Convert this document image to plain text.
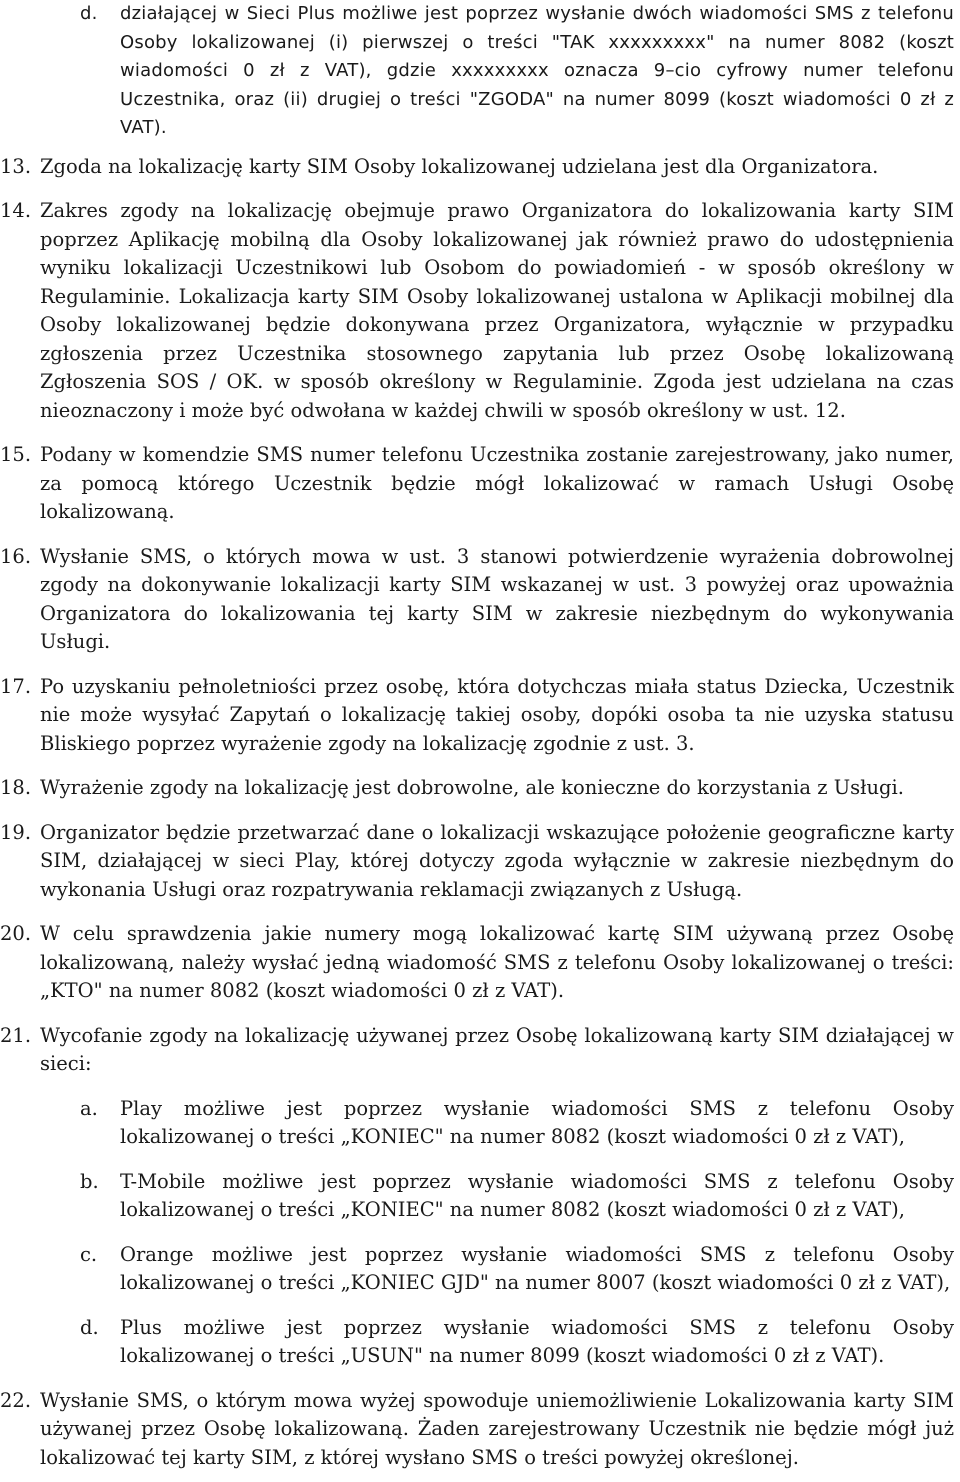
d.	działającej w Sieci Plus możliwe jest poprzez wysłanie dwóch wiadomości SMS z telefonu Osoby lokalizowanej (i) pierwszej o treści "TAK xxxxxxxxx" na numer 8082 (koszt wiadomości 0 zł z VAT), gdzie xxxxxxxxx oznacza 9–cio cyfrowy numer telefonu Uczestnika, oraz (ii) drugiej o treści "ZGODA" na numer 8099 (koszt wiadomości 0 zł z VAT).
13. Zgoda na lokalizację karty SIM Osoby lokalizowanej udzielana jest dla Organizatora.
14. Zakres zgody na lokalizację obejmuje prawo Organizatora do lokalizowania karty SIM poprzez Aplikację mobilną dla Osoby lokalizowanej jak również prawo do udostępnienia wyniku lokalizacji Uczestnikowi lub Osobom do powiadomień - w sposób określony w Regulaminie. Lokalizacja karty SIM Osoby lokalizowanej ustalona w Aplikacji mobilnej dla Osoby lokalizowanej będzie dokonywana przez Organizatora, wyłącznie w przypadku zgłoszenia przez Uczestnika stosownego zapytania lub przez Osobę lokalizowaną Zgłoszenia SOS / OK. w sposób określony w Regulaminie. Zgoda jest udzielana na czas nieoznaczony i może być odwołana w każdej chwili w sposób określony w ust. 12.
15. Podany w komendzie SMS numer telefonu Uczestnika zostanie zarejestrowany, jako numer, za pomocą którego Uczestnik będzie mógł lokalizować w ramach Usługi Osobę lokalizowaną.
16. Wysłanie SMS, o których mowa w ust. 3 stanowi potwierdzenie wyrażenia dobrowolnej zgody na dokonywanie lokalizacji karty SIM wskazanej w ust. 3 powyżej oraz upoważnia Organizatora do lokalizowania tej karty SIM w zakresie niezbędnym do wykonywania Usługi.
17. Po uzyskaniu pełnoletniości przez osobę, która dotychczas miała status Dziecka, Uczestnik nie może wysyłać Zapytań o lokalizację takiej osoby, dopóki osoba ta nie uzyska statusu Bliskiego poprzez wyrażenie zgody na lokalizację zgodnie z ust. 3.
18. Wyrażenie zgody na lokalizację jest dobrowolne, ale konieczne do korzystania z Usługi.
19. Organizator będzie przetwarzać dane o lokalizacji wskazujące położenie geograficzne karty SIM, działającej w sieci Play, której dotyczy zgoda wyłącznie w zakresie niezbędnym do wykonania Usługi oraz rozpatrywania reklamacji związanych z Usługą.
20. W celu sprawdzenia jakie numery mogą lokalizować kartę SIM używaną przez Osobę lokalizowaną, należy wysłać jedną wiadomość SMS z telefonu Osoby lokalizowanej o treści: „KTO" na numer 8082 (koszt wiadomości 0 zł z VAT).
21. Wycofanie zgody na lokalizację używanej przez Osobę lokalizowaną karty SIM działającej w sieci:
a.	Play możliwe jest poprzez wysłanie wiadomości SMS z telefonu Osoby lokalizowanej o treści „KONIEC" na numer 8082 (koszt wiadomości 0 zł z VAT),
b.	T-Mobile możliwe jest poprzez wysłanie wiadomości SMS z telefonu Osoby lokalizowanej o treści „KONIEC" na numer 8082 (koszt wiadomości 0 zł z VAT),
c.	Orange możliwe jest poprzez wysłanie wiadomości SMS z telefonu Osoby lokalizowanej o treści „KONIEC GJD" na numer 8007 (koszt wiadomości 0 zł z VAT),
d.	Plus możliwe jest poprzez wysłanie wiadomości SMS z telefonu Osoby lokalizowanej o treści „USUN" na numer 8099 (koszt wiadomości 0 zł z VAT).
22. Wysłanie SMS, o którym mowa wyżej spowoduje uniemożliwienie Lokalizowania karty SIM używanej przez Osobę lokalizowaną. Żaden zarejestrowany Uczestnik nie będzie mógł już lokalizować tej karty SIM, z której wysłano SMS o treści powyżej określonej.
